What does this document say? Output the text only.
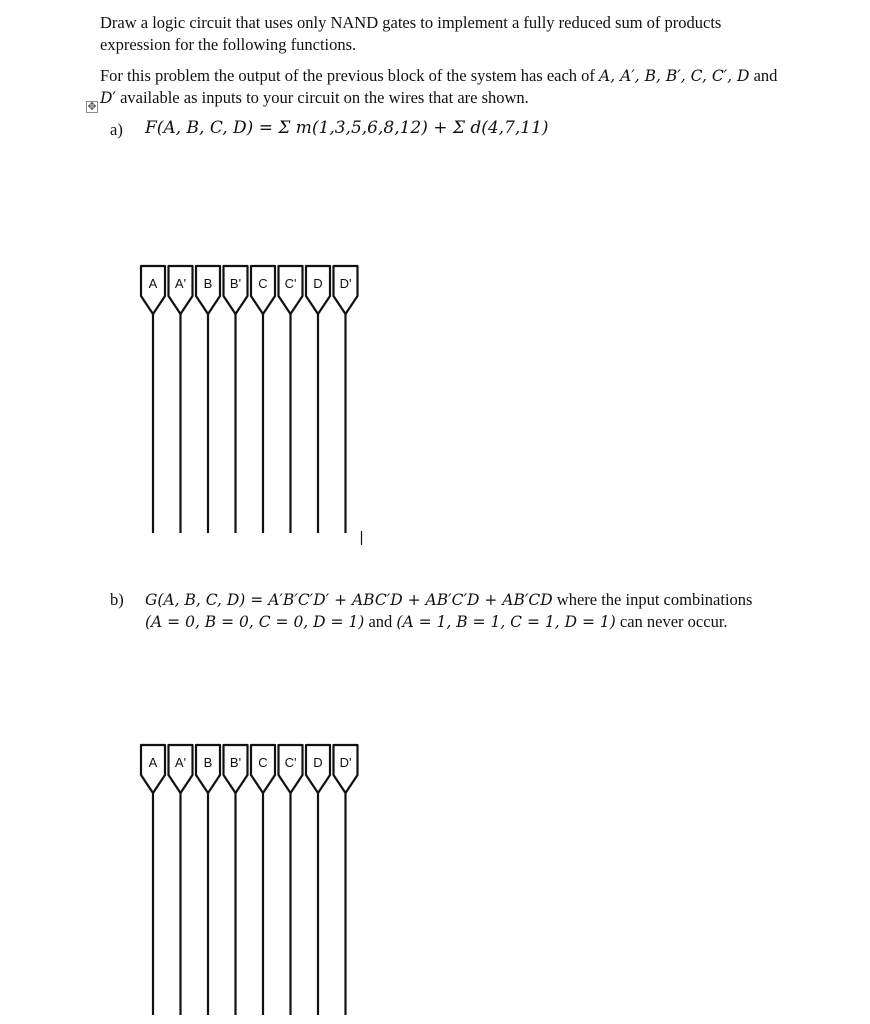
Draw a logic circuit that uses only NAND gates to implement a fully reduced sum of products
expression for the following functions.

For this problem the output of the previous block of the system has each of A, A′, B, B′, C, C′, D and
D′ available as inputs to your circuit on the wires that are shown.

✥
a) F(A, B, C, D) = Σ m(1,3,5,6,8,12) + Σ d(4,7,11)
A A' B B' C C' D D'
b) G(A, B, C, D) = A′B′C′D′ + ABC′D + AB′C′D + AB′CD where the input combinations
(A = 0, B = 0, C = 0, D = 1) and (A = 1, B = 1, C = 1, D = 1) can never occur.
A A' B B' C C' D D'
